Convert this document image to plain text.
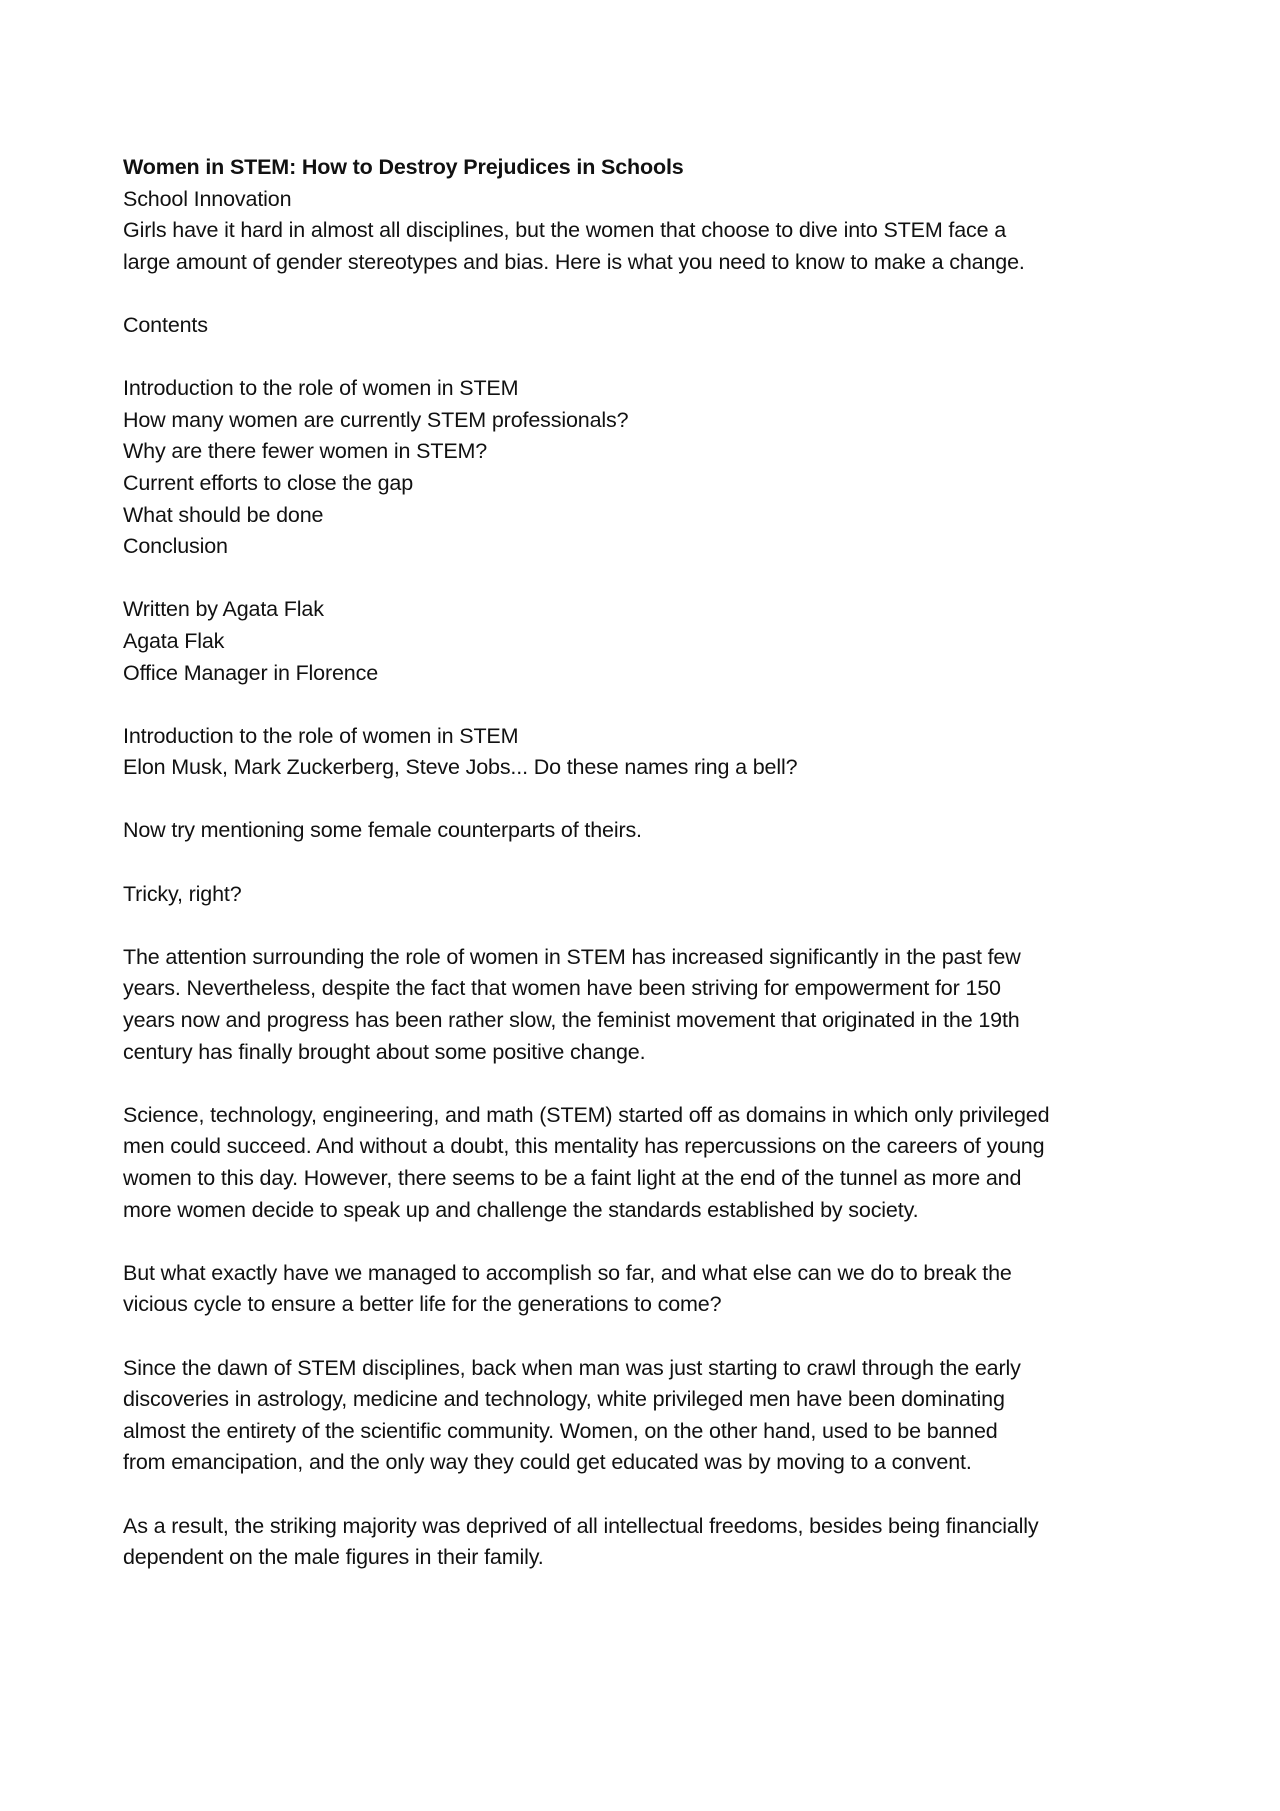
Women in STEM: How to Destroy Prejudices in Schools
School Innovation

Girls have it hard in almost all disciplines, but the women that choose to dive into STEM face a
large amount of gender stereotypes and bias. Here is what you need to know to make a change.

Contents
Introduction to the role of women in STEM
How many women are currently STEM professionals?
Why are there fewer women in STEM?
Current efforts to close the gap
What should be done
Conclusion
Written by Agata Flak
Agata Flak
Office Manager in Florence
Introduction to the role of women in STEM
Elon Musk, Mark Zuckerberg, Steve Jobs... Do these names ring a bell?
Now try mentioning some female counterparts of theirs.
Tricky, right?

The attention surrounding the role of women in STEM has increased significantly in the past few
years. Nevertheless, despite the fact that women have been striving for empowerment for 150
years now and progress has been rather slow, the feminist movement that originated in the 19th
century has finally brought about some positive change.

Science, technology, engineering, and math (STEM) started off as domains in which only privileged
men could succeed. And without a doubt, this mentality has repercussions on the careers of young
women to this day. However, there seems to be a faint light at the end of the tunnel as more and
more women decide to speak up and challenge the standards established by society.

But what exactly have we managed to accomplish so far, and what else can we do to break the
vicious cycle to ensure a better life for the generations to come?

Since the dawn of STEM disciplines, back when man was just starting to crawl through the early
discoveries in astrology, medicine and technology, white privileged men have been dominating
almost the entirety of the scientific community. Women, on the other hand, used to be banned
from emancipation, and the only way they could get educated was by moving to a convent.

As a result, the striking majority was deprived of all intellectual freedoms, besides being financially
dependent on the male figures in their family.
